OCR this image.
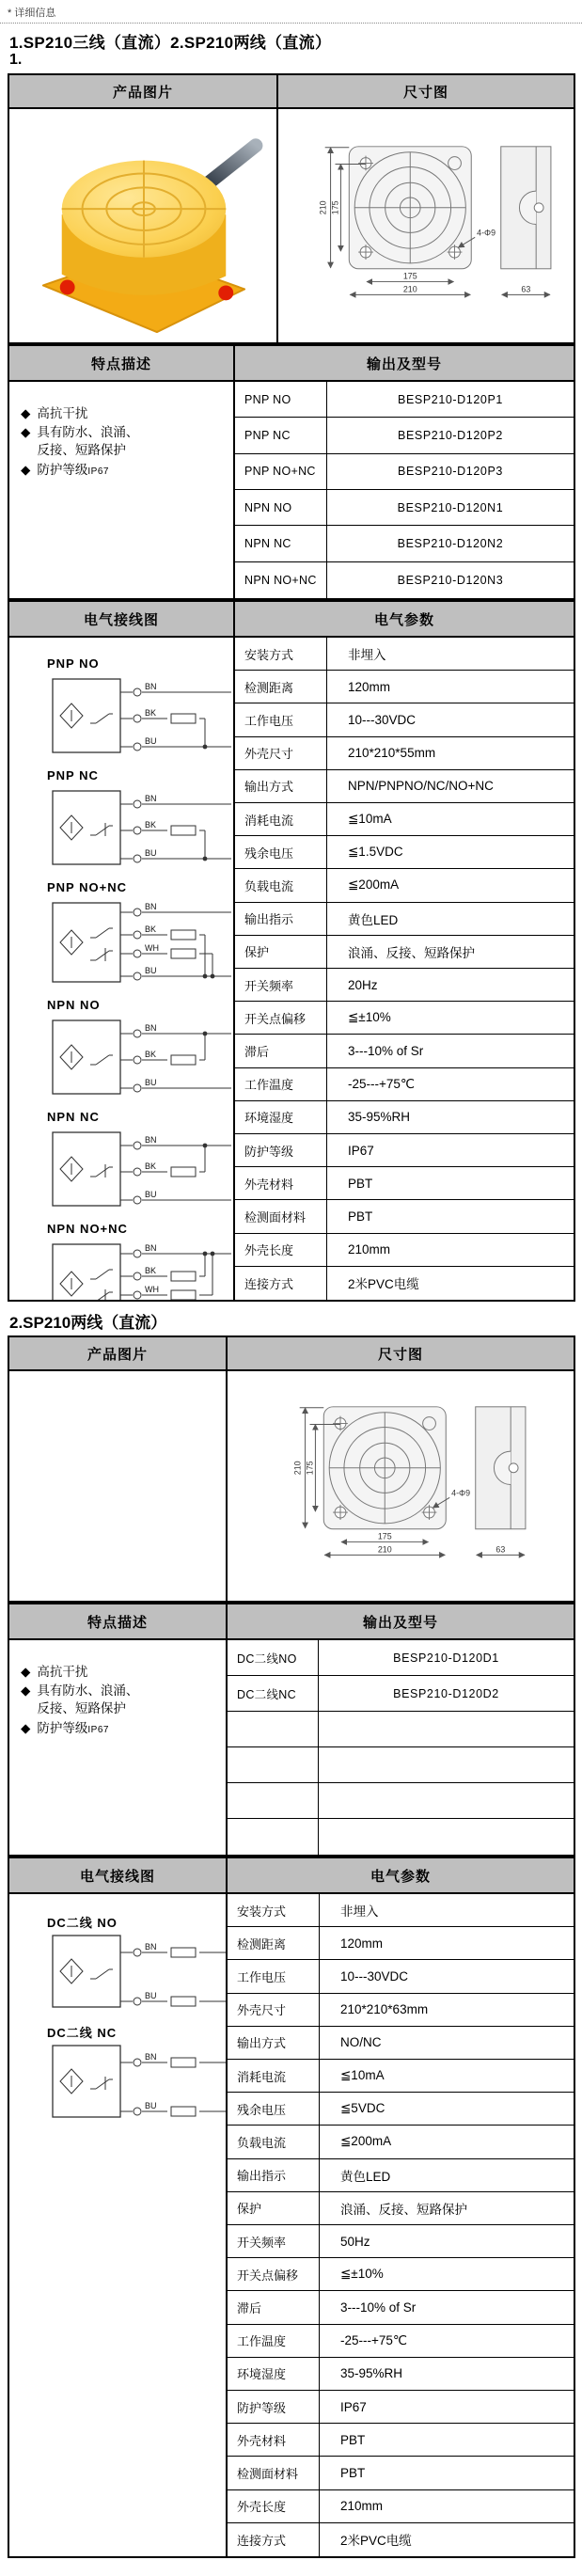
* 详细信息
1.SP210三线（直流）2.SP210两线（直流）
1.
产品图片	尺寸图
210 175
175
210
4-Φ9
63
特点描述	输出及型号
◆ 高抗干扰
◆ 具有防水、浪涌、反接、短路保护
◆ 防护等级IP67
PNP NO	BESP210-D120P1
PNP NC	BESP210-D120P2
PNP NO+NC	BESP210-D120P3
NPN NO	BESP210-D120N1
NPN NC	BESP210-D120N2
NPN NO+NC	BESP210-D120N3
电气接线图	电气参数
PNP NO
BN
BK
BU
PNP NC
BN
BK
BU
PNP NO+NC
BN
BK
WH
BU
NPN NO
BN
BK
BU
NPN NC
BN
BK
BU
NPN NO+NC
BN
BK
WH
安装方式	非埋入
检测距离	120mm
工作电压	10---30VDC
外壳尺寸	210*210*55mm
输出方式	NPN/PNPNO/NC/NO+NC
消耗电流	≦10mA
残余电压	≦1.5VDC
负载电流	≦200mA
输出指示	黄色LED
保护	浪涌、反接、短路保护
开关频率	20Hz
开关点偏移	≦±10%
滞后	3---10% of Sr
工作温度	-25---+75℃
环境湿度	35-95%RH
防护等级	IP67
外壳材料	PBT
检测面材料	PBT
外壳长度	210mm
连接方式	2米PVC电缆
2.SP210两线（直流）
产品图片	尺寸图
210 175
175
210
4-Φ9
63
特点描述	输出及型号
◆ 高抗干扰
◆ 具有防水、浪涌、反接、短路保护
◆ 防护等级IP67
DC二线NO	BESP210-D120D1
DC二线NC	BESP210-D120D2
电气接线图	电气参数
DC二线 NO
BN
BU
DC二线 NC
BN
BU
安装方式	非埋入
检测距离	120mm
工作电压	10---30VDC
外壳尺寸	210*210*63mm
输出方式	NO/NC
消耗电流	≦10mA
残余电压	≦5VDC
负载电流	≦200mA
输出指示	黄色LED
保护	浪涌、反接、短路保护
开关频率	50Hz
开关点偏移	≦±10%
滞后	3---10% of Sr
工作温度	-25---+75℃
环境湿度	35-95%RH
防护等级	IP67
外壳材料	PBT
检测面材料	PBT
外壳长度	210mm
连接方式	2米PVC电缆
